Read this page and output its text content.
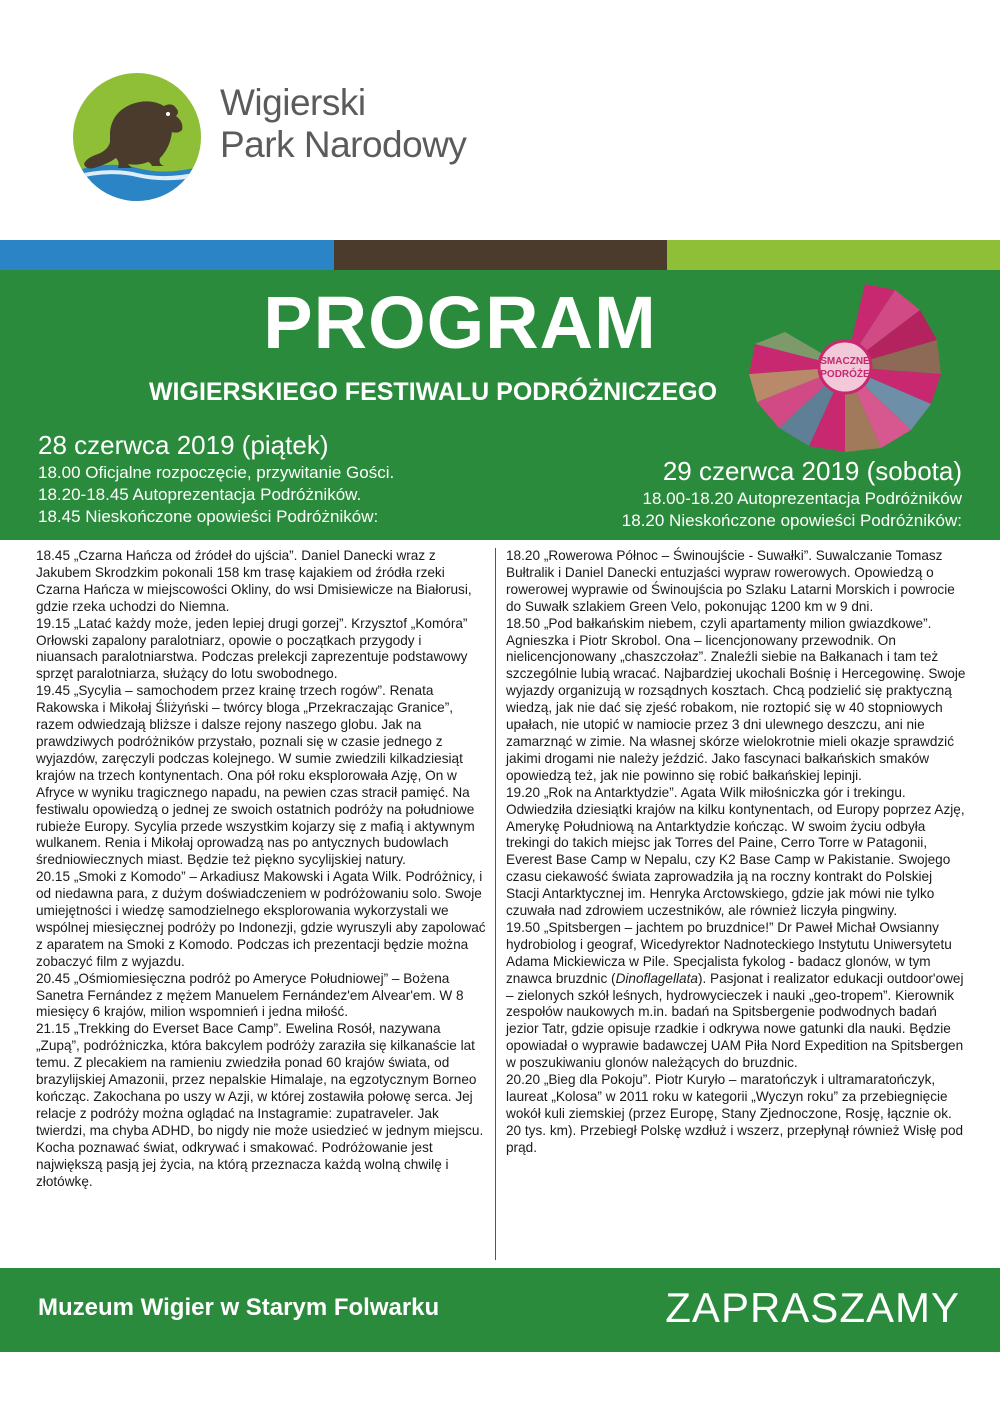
Wigierski
Park Narodowy
PROGRAM
WIGIERSKIEGO FESTIWALU PODRÓŻNICZEGO
SMACZNE
PODRÓŻE
28 czerwca 2019 (piątek)
18.00 Oficjalne rozpoczęcie, przywitanie Gości.
18.20-18.45 Autoprezentacja Podróżników.
18.45 Nieskończone opowieści Podróżników:
29 czerwca 2019 (sobota)
18.00-18.20 Autoprezentacja Podróżników
18.20 Nieskończone opowieści Podróżników:
18.45 „Czarna Hańcza od źródeł do ujścia”. Daniel Danecki wraz z Jakubem Skrodzkim pokonali 158 km trasę kajakiem od źródła rzeki Czarna Hańcza w miejscowości Okliny, do wsi Dmisiewicze na Białorusi, gdzie rzeka uchodzi do Niemna.
19.15 „Latać każdy może, jeden lepiej drugi gorzej”. Krzysztof „Komóra” Orłowski zapalony paralotniarz, opowie o początkach przygody i niuansach paralotniarstwa. Podczas prelekcji zaprezentuje podstawowy sprzęt paralotniarza, służący do lotu swobodnego.
19.45 „Sycylia – samochodem przez krainę trzech rogów”. Renata Rakowska i Mikołaj Śliżyński – twórcy bloga „Przekraczając Granice”, razem odwiedzają bliższe i dalsze rejony naszego globu. Jak na prawdziwych podróżników przystało, poznali się w czasie jednego z wyjazdów, zaręczyli podczas kolejnego. W sumie zwiedzili kilkadziesiąt krajów na trzech kontynentach. Ona pół roku eksplorowała Azję, On w Afryce w wyniku tragicznego napadu, na pewien czas stracił pamięć. Na festiwalu opowiedzą o jednej ze swoich ostatnich podróży na południowe rubieże Europy. Sycylia przede wszystkim kojarzy się z mafią i aktywnym wulkanem. Renia i Mikołaj oprowadzą nas po antycznych budowlach średniowiecznych miast. Będzie też piękno sycylijskiej natury.
20.15 „Smoki z Komodo” – Arkadiusz Makowski i Agata Wilk. Podróżnicy, i od niedawna para, z dużym doświadczeniem w podróżowaniu solo. Swoje umiejętności i wiedzę samodzielnego eksplorowania wykorzystali we wspólnej miesięcznej podróży po Indonezji, gdzie wyruszyli aby zapolować z aparatem na Smoki z Komodo. Podczas ich prezentacji będzie można zobaczyć film z wyjazdu.
20.45 „Ośmiomiesięczna podróż po Ameryce Południowej” – Bożena Sanetra Fernández z mężem Manuelem Fernández'em Alvear'em. W 8 miesięcy 6 krajów, milion wspomnień i jedna miłość.
21.15 „Trekking do Everset Bace Camp”. Ewelina Rosół, nazywana „Zupą”, podróżniczka, która bakcylem podróży zaraziła się kilkanaście lat temu. Z plecakiem na ramieniu zwiedziła ponad 60 krajów świata, od brazylijskiej Amazonii, przez nepalskie Himalaje, na egzotycznym Borneo kończąc. Zakochana po uszy w Azji, w której zostawiła połowę serca. Jej relacje z podróży można oglądać na Instagramie: zupatraveler. Jak twierdzi, ma chyba ADHD, bo nigdy nie może usiedzieć w jednym miejscu. Kocha poznawać świat, odkrywać i smakować. Podróżowanie jest największą pasją jej życia, na którą przeznacza każdą wolną chwilę i złotówkę.
18.20 „Rowerowa Północ – Świnoujście - Suwałki”. Suwalczanie Tomasz Bułtralik i Daniel Danecki entuzjaści wypraw rowerowych. Opowiedzą o rowerowej wyprawie od Świnoujścia po Szlaku Latarni Morskich i powrocie do Suwałk szlakiem Green Velo, pokonując 1200 km w 9 dni.
18.50 „Pod bałkańskim niebem, czyli apartamenty milion gwiazdkowe”. Agnieszka i Piotr Skrobol. Ona – licencjonowany przewodnik. On nielicencjonowany „chaszczołaz”. Znaleźli siebie na Bałkanach i tam też szczególnie lubią wracać. Najbardziej ukochali Bośnię i Hercegowinę. Swoje wyjazdy organizują w rozsądnych kosztach. Chcą podzielić się praktyczną wiedzą, jak nie dać się zjeść robakom, nie roztopić się w 40 stopniowych upałach, nie utopić w namiocie przez 3 dni ulewnego deszczu, ani nie zamarznąć w zimie. Na własnej skórze wielokrotnie mieli okazje sprawdzić jakimi drogami nie należy jeździć. Jako fascynaci bałkańskich smaków opowiedzą też, jak nie powinno się robić bałkańskiej lepinji.
19.20 „Rok na Antarktydzie”. Agata Wilk miłośniczka gór i trekingu. Odwiedziła dziesiątki krajów na kilku kontynentach, od Europy poprzez Azję, Amerykę Południową na Antarktydzie kończąc. W swoim życiu odbyła trekingi do takich miejsc jak Torres del Paine, Cerro Torre w Patagonii, Everest Base Camp w Nepalu, czy K2 Base Camp w Pakistanie. Swojego czasu ciekawość świata zaprowadziła ją na roczny kontrakt do Polskiej Stacji Antarktycznej im. Henryka Arctowskiego, gdzie jak mówi nie tylko czuwała nad zdrowiem uczestników, ale również liczyła pingwiny.
19.50 „Spitsbergen – jachtem po bruzdnice!” Dr Paweł Michał Owsianny hydrobiolog i geograf, Wicedyrektor Nadnoteckiego Instytutu Uniwersytetu Adama Mickiewicza w Pile. Specjalista fykolog - badacz glonów, w tym znawca bruzdnic (Dinoflagellata). Pasjonat i realizator edukacji outdoor'owej – zielonych szkół leśnych, hydrowycieczek i nauki „geo-tropem”. Kierownik zespołów naukowych m.in. badań na Spitsbergenie podwodnych badań jezior Tatr, gdzie opisuje rzadkie i odkrywa nowe gatunki dla nauki. Będzie opowiadał o wyprawie badawczej UAM Piła Nord Expedition na Spitsbergen w poszukiwaniu glonów należących do bruzdnic.
20.20 „Bieg dla Pokoju”. Piotr Kuryło – maratończyk i ultramaratończyk, laureat „Kolosa” w 2011 roku w kategorii „Wyczyn roku” za przebiegnięcie wokół kuli ziemskiej (przez Europę, Stany Zjednoczone, Rosję, łącznie ok. 20 tys. km). Przebiegł Polskę wzdłuż i wszerz, przepłynął również Wisłę pod prąd.
Muzeum Wigier w Starym Folwarku	ZAPRASZAMY
